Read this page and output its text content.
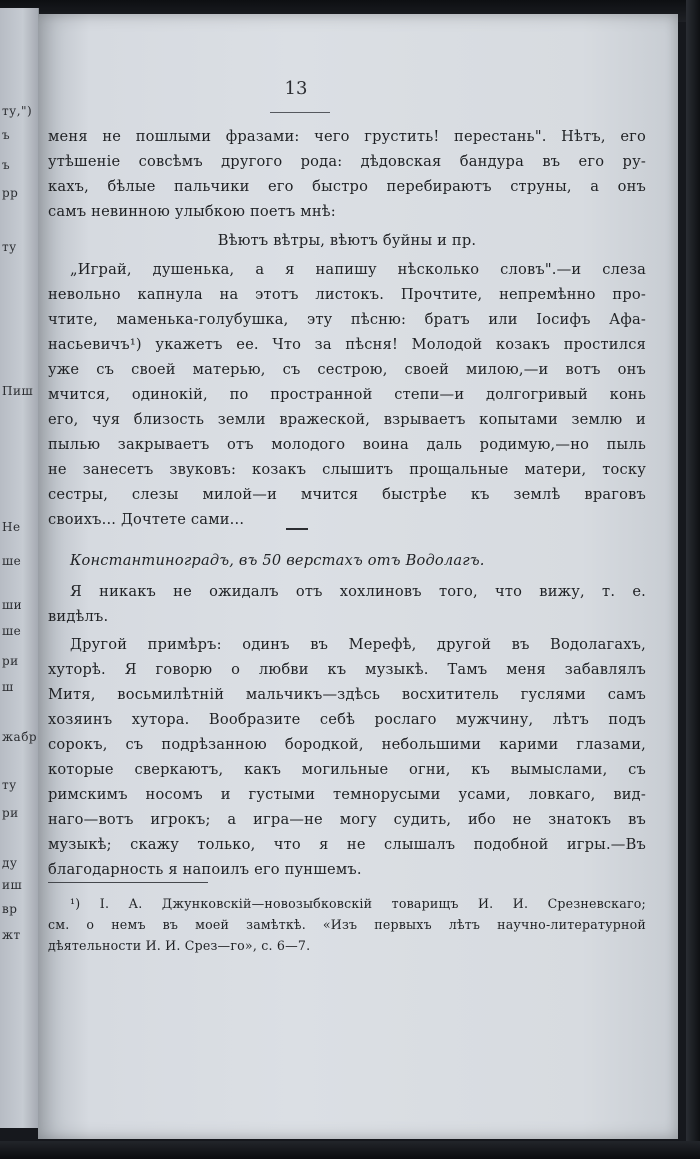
ту,")
ъ
ъ
рр
ту
Пиш
Не
ше
ши
ше
ри
ш
жабр
ту
ри
ду
иш
вр
жт
13
меня не пошлыми фразами: чего грустить! перестань". Нѣтъ, его
утѣшеніе совсѣмъ другого рода: дѣдовская бандура въ его ру-
кахъ, бѣлые пальчики его быстро перебираютъ струны, а онъ
самъ невинною улыбкою поетъ мнѣ:
Вѣютъ вѣтры, вѣютъ буйны и пр.
„Играй, душенька, а я напишу нѣсколько словъ".—и слеза
невольно капнула на этотъ листокъ. Прочтите, непремѣнно про-
чтите, маменька-голубушка, эту пѣсню: братъ или Іосифъ Афа-
насьевичъ¹) укажетъ ее. Что за пѣсня! Молодой козакъ простился
уже съ своей матерью, съ сестрою, своей милою,—и вотъ онъ
мчится, одинокій, по пространной степи—и долгогривый конь
его, чуя близость земли вражеской, взрываетъ копытами землю и
пылью закрываетъ отъ молодого воина даль родимую,—но пыль
не занесетъ звуковъ: козакъ слышитъ прощальные матери, тоску
сестры, слезы милой—и мчится быстрѣе къ землѣ враговъ
своихъ... Дочтете сами...
Константиноградъ, въ 50 верстахъ отъ Водолагъ.
Я никакъ не ожидалъ отъ хохлиновъ того, что вижу, т. е.
видѣлъ.
Другой примѣръ: одинъ въ Мерефѣ, другой въ Водолагахъ,
хуторѣ. Я говорю о любви къ музыкѣ. Тамъ меня забавлялъ
Митя, восьмилѣтній мальчикъ—здѣсь восхититель гуслями самъ
хозяинъ хутора. Вообразите себѣ рослаго мужчину, лѣтъ подъ
сорокъ, съ подрѣзанною бородкой, небольшими карими глазами,
которые сверкаютъ, какъ могильные огни, къ вымыслами, съ
римскимъ носомъ и густыми темнорусыми усами, ловкаго, вид-
наго—вотъ игрокъ; а игра—не могу судить, ибо не знатокъ въ
музыкѣ; скажу только, что я не слышалъ подобной игры.—Въ
благодарность я напоилъ его пуншемъ.
¹) І. А. Джунковскій—новозыбковскій товарищъ И. И. Срезневскаго;
см. о немъ въ моей замѣткѣ. «Изъ первыхъ лѣтъ научно-литературной
дѣятельности И. И. Срез—го», с. 6—7.
